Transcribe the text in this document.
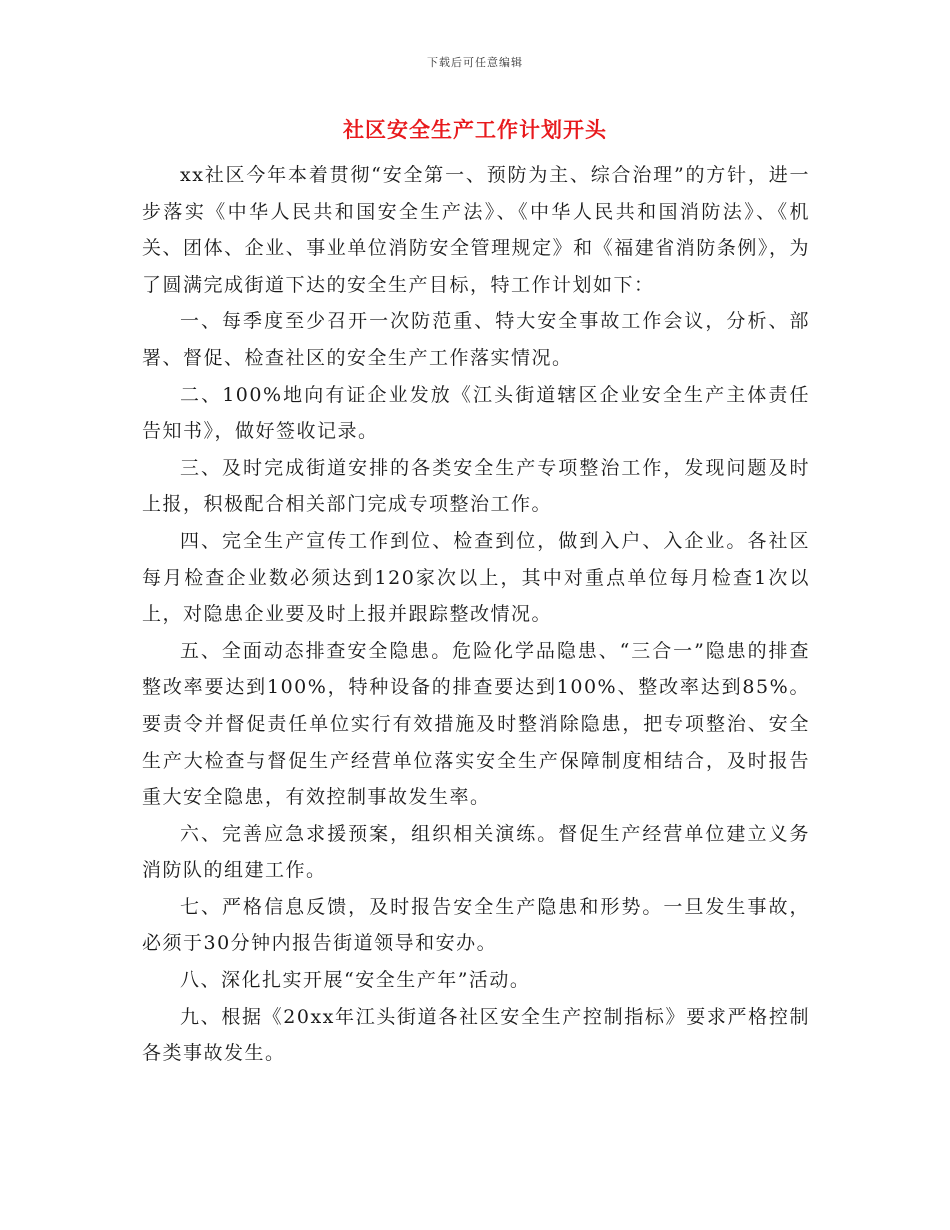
下载后可任意编辑
社区安全生产工作计划开头

xx社区今年本着贯彻“安全第一、预防为主、综合治理”的方针，进一步落实《中华人民共和国安全生产法》、《中华人民共和国消防法》、《机关、团体、企业、事业单位消防安全管理规定》和《福建省消防条例》，为了圆满完成街道下达的安全生产目标，特工作计划如下：

一、每季度至少召开一次防范重、特大安全事故工作会议，分析、部署、督促、检查社区的安全生产工作落实情况。

二、100%地向有证企业发放《江头街道辖区企业安全生产主体责任告知书》，做好签收记录。

三、及时完成街道安排的各类安全生产专项整治工作，发现问题及时上报，积极配合相关部门完成专项整治工作。

四、完全生产宣传工作到位、检查到位，做到入户、入企业。各社区每月检查企业数必须达到120家次以上，其中对重点单位每月检查1次以上，对隐患企业要及时上报并跟踪整改情况。

五、全面动态排查安全隐患。危险化学品隐患、“三合一”隐患的排查整改率要达到100%，特种设备的排查要达到100%、整改率达到85%。要责令并督促责任单位实行有效措施及时整消除隐患，把专项整治、安全生产大检查与督促生产经营单位落实安全生产保障制度相结合，及时报告重大安全隐患，有效控制事故发生率。

六、完善应急求援预案，组织相关演练。督促生产经营单位建立义务消防队的组建工作。

七、严格信息反馈，及时报告安全生产隐患和形势。一旦发生事故，必须于30分钟内报告街道领导和安办。

八、深化扎实开展“安全生产年”活动。

九、根据《20xx年江头街道各社区安全生产控制指标》要求严格控制各类事故发生。
